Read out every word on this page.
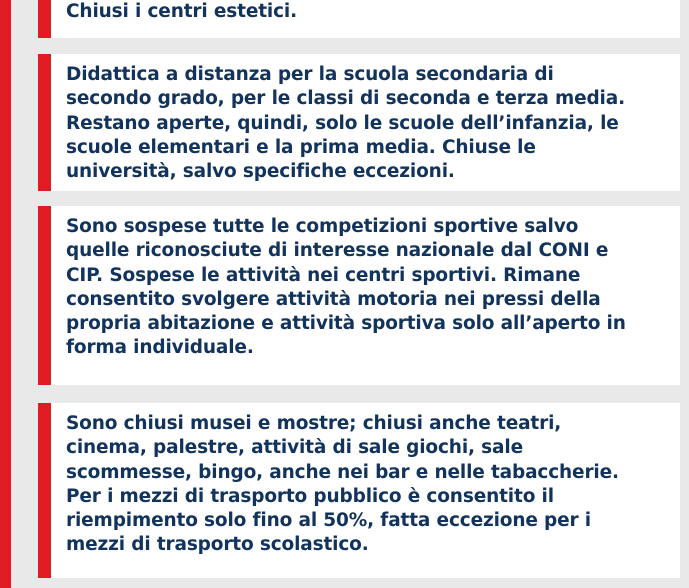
Chiusi i centri estetici.

Didattica a distanza per la scuola secondaria di
secondo grado, per le classi di seconda e terza media.
Restano aperte, quindi, solo le scuole dell’infanzia, le
scuole elementari e la prima media. Chiuse le
università, salvo specifiche eccezioni.

Sono sospese tutte le competizioni sportive salvo
quelle riconosciute di interesse nazionale dal CONI e
CIP. Sospese le attività nei centri sportivi. Rimane
consentito svolgere attività motoria nei pressi della
propria abitazione e attività sportiva solo all’aperto in
forma individuale.

Sono chiusi musei e mostre; chiusi anche teatri,
cinema, palestre, attività di sale giochi, sale
scommesse, bingo, anche nei bar e nelle tabaccherie.
Per i mezzi di trasporto pubblico è consentito il
riempimento solo fino al 50%, fatta eccezione per i
mezzi di trasporto scolastico.
